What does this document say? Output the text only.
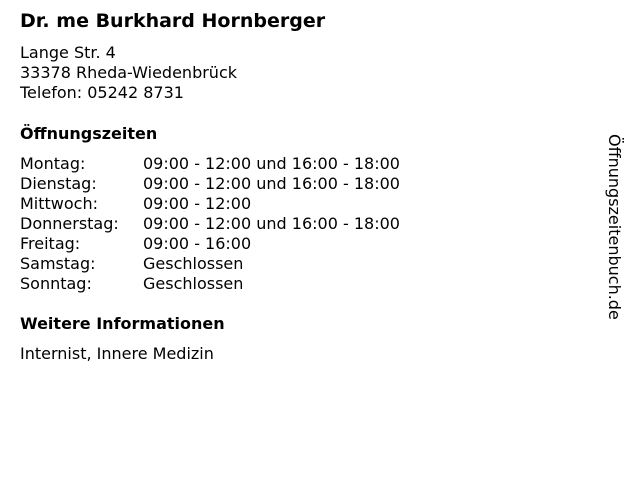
Dr. me Burkhard Hornberger
Lange Str. 4
33378 Rheda-Wiedenbrück
Telefon: 05242 8731
Öffnungszeiten
Montag:	09:00 - 12:00 und 16:00 - 18:00
Dienstag:	09:00 - 12:00 und 16:00 - 18:00
Mittwoch:	09:00 - 12:00
Donnerstag:	09:00 - 12:00 und 16:00 - 18:00
Freitag:	09:00 - 16:00
Samstag:	Geschlossen
Sonntag:	Geschlossen
Weitere Informationen
Internist, Innere Medizin
Öffnungszeitenbuch.de
